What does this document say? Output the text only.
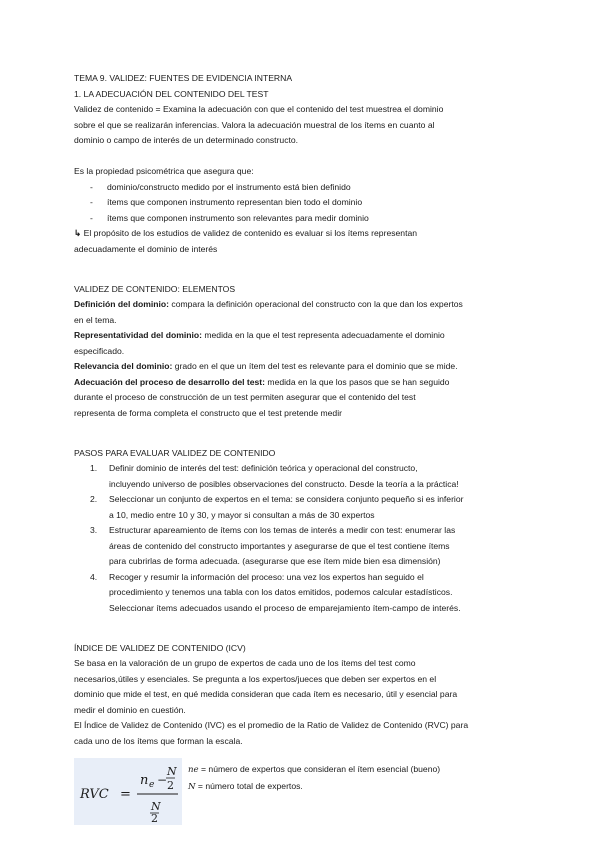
TEMA 9. VALIDEZ: FUENTES DE EVIDENCIA INTERNA

1. LA ADECUACIÓN DEL CONTENIDO DEL TEST

Validez de contenido = Examina la adecuación con que el contenido del test muestrea el dominio

sobre el que se realizarán inferencias. Valora la adecuación muestral de los ítems en cuanto al

dominio o campo de interés de un determinado constructo.

Es la propiedad psicométrica que asegura que:

- dominio/constructo medido por el instrumento está bien definido
- ítems que componen instrumento representan bien todo el dominio
- ítems que componen instrumento son relevantes para medir dominio

↳ El propósito de los estudios de validez de contenido es evaluar si los ítems representan

adecuadamente el dominio de interés

VALIDEZ DE CONTENIDO: ELEMENTOS

Definición del dominio: compara la definición operacional del constructo con la que dan los expertos

en el tema.

Representatividad del dominio: medida en la que el test representa adecuadamente el dominio

especificado.

Relevancia del dominio: grado en el que un ítem del test es relevante para el dominio que se mide.

Adecuación del proceso de desarrollo del test: medida en la que los pasos que se han seguido

durante el proceso de construcción de un test permiten asegurar que el contenido del test

representa de forma completa el constructo que el test pretende medir

PASOS PARA EVALUAR VALIDEZ DE CONTENIDO

1. Definir dominio de interés del test: definición teórica y operacional del constructo,

incluyendo universo de posibles observaciones del constructo. Desde la teoría a la práctica!

2. Seleccionar un conjunto de expertos en el tema: se considera conjunto pequeño si es inferior

a 10, medio entre 10 y 30, y mayor si consultan a más de 30 expertos

3. Estructurar apareamiento de ítems con los temas de interés a medir con test: enumerar las

áreas de contenido del constructo importantes y asegurarse de que el test contiene ítems

para cubrirlas de forma adecuada. (asegurarse que ese ítem mide bien esa dimensión)

4. Recoger y resumir la información del proceso: una vez los expertos han seguido el

procedimiento y tenemos una tabla con los datos emitidos, podemos calcular estadísticos.

Seleccionar ítems adecuados usando el proceso de emparejamiento ítem-campo de interés.

ÍNDICE DE VALIDEZ DE CONTENIDO (ICV)

Se basa en la valoración de un grupo de expertos de cada uno de los ítems del test como

necesarios,útiles y esenciales. Se pregunta a los expertos/jueces que deben ser expertos en el

dominio que mide el test, en qué medida consideran que cada ítem es necesario, útil y esencial para

medir el dominio en cuestión.

El Índice de Validez de Contenido (IVC) es el promedio de la Ratio de Validez de Contenido (RVC) para

cada uno de los ítems que forman la escala.

RVC =
n e −
N
2
N
2

ne = número de expertos que consideran el ítem esencial (bueno)

N = número total de expertos.
